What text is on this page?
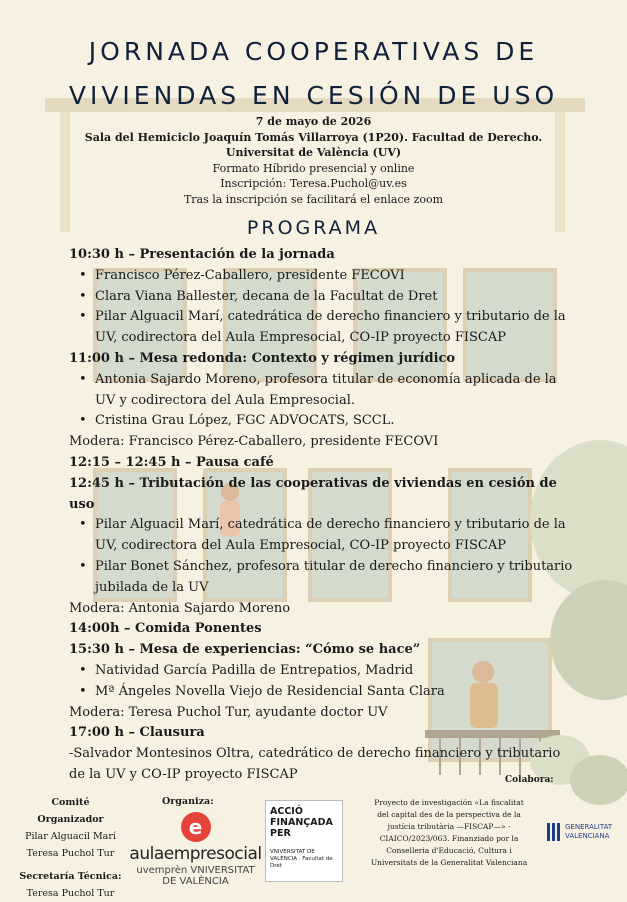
JORNADA COOPERATIVAS DE
VIVIENDAS EN CESIÓN DE USO
7 de mayo de 2026
Sala del Hemiciclo Joaquín Tomás Villarroya (1P20). Facultad de Derecho.
Universitat de València (UV)
Formato Híbrido presencial y online
Inscripción: Teresa.Puchol@uv.es
Tras la inscripción se facilitará el enlace zoom
PROGRAMA
10:30 h – Presentación de la jornada
• Francisco Pérez-Caballero, presidente FECOVI
• Clara Viana Ballester, decana de la Facultat de Dret
• Pilar Alguacil Marí, catedrática de derecho financiero y tributario de la UV, codirectora del Aula Empresocial, CO-IP proyecto FISCAP
11:00 h – Mesa redonda: Contexto y régimen jurídico
• Antonia Sajardo Moreno, profesora titular de economía aplicada de la UV y codirectora del Aula Empresocial.
• Cristina Grau López, FGC ADVOCATS, SCCL.
Modera: Francisco Pérez-Caballero, presidente FECOVI
12:15 – 12:45 h – Pausa café
12:45 h – Tributación de las cooperativas de viviendas en cesión de uso
• Pilar Alguacil Marí, catedrática de derecho financiero y tributario de la UV, codirectora del Aula Empresocial, CO-IP proyecto FISCAP
• Pilar Bonet Sánchez, profesora titular de derecho financiero y tributario jubilada de la UV
Modera: Antonia Sajardo Moreno
14:00h – Comida Ponentes
15:30 h – Mesa de experiencias: “Cómo se hace”
• Natividad García Padilla de Entrepatios, Madrid
• Mª Ángeles Novella Viejo de Residencial Santa Clara
Modera: Teresa Puchol Tur, ayudante doctor UV
17:00 h – Clausura
-Salvador Montesinos Oltra, catedrático de derecho financiero y tributario de la UV y CO-IP proyecto FISCAP	Colabora:
Comité Organizador
Pilar Alguacil Marí
Teresa Puchol Tur
Secretaría Técnica:
Teresa Puchol Tur
Organiza:
e
aulaempresocial
uvemprèn VNIVERSITAT DE VALÈNCIA
ACCIÓ
FINANÇADA
PER
VNIVERSITAT DE VALÈNCIA · Facultat de Dret
Proyecto de investigación «La fiscalitat del capital des de la perspectiva de la justícia tributària —FISCAP—» · CIAICO/2023/063. Finanziado por la Conselleria d'Educació, Cultura i Universitats de la Generalitat Valenciana
GENERALITAT
VALENCIANA
